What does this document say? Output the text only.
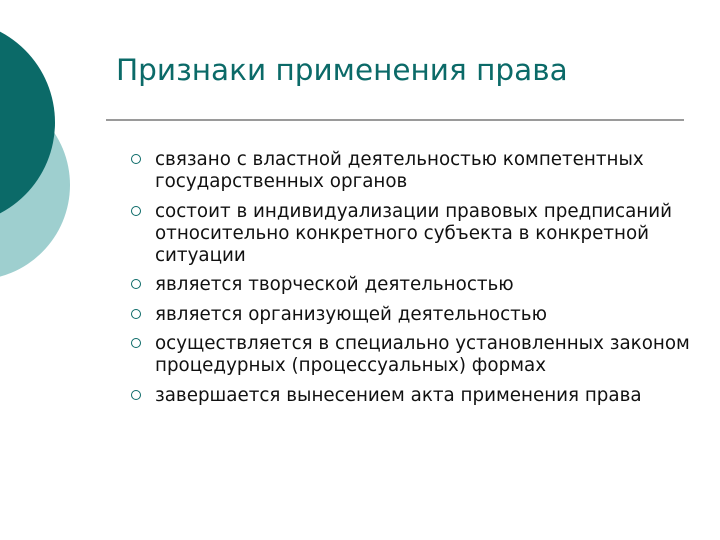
Признаки применения права
связано с властной деятельностью компетентных государственных органов
состоит в индивидуализации правовых предписаний относительно конкретного субъекта в конкретной ситуации
является творческой деятельностью
является организующей деятельностью
осуществляется в специально установленных законом процедурных (процессуальных) формах
завершается вынесением акта применения права
